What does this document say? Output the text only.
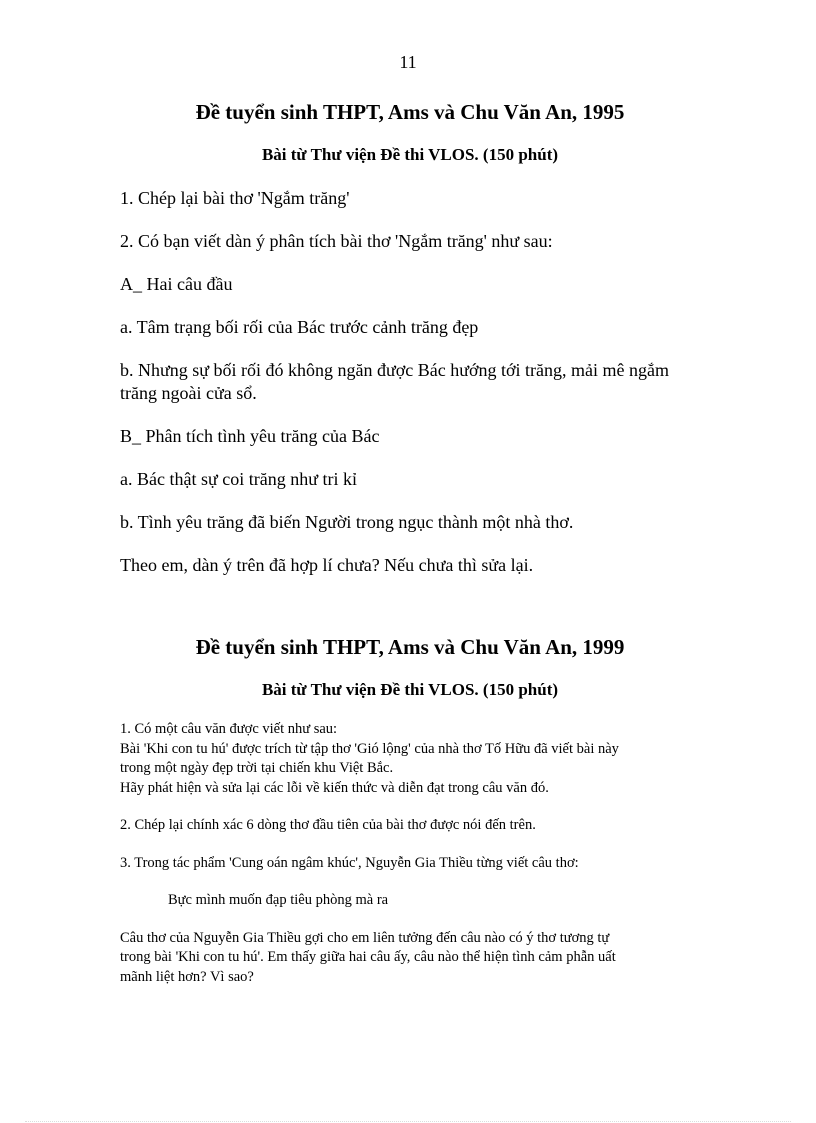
11
Đề tuyển sinh THPT, Ams và Chu Văn An, 1995
Bài từ Thư viện Đề thi VLOS. (150 phút)

1. Chép lại bài thơ 'Ngắm trăng'

2. Có bạn viết dàn ý phân tích bài thơ 'Ngắm trăng' như sau:

A_ Hai câu đầu

a. Tâm trạng bối rối của Bác trước cảnh trăng đẹp

b. Nhưng sự bối rối đó không ngăn được Bác hướng tới trăng, mải mê ngắm trăng ngoài cửa sổ.

B_ Phân tích tình yêu trăng của Bác

a. Bác thật sự coi trăng như tri kỉ

b. Tình yêu trăng đã biến Người trong ngục thành một nhà thơ.

Theo em, dàn ý trên đã hợp lí chưa? Nếu chưa thì sửa lại.

Đề tuyển sinh THPT, Ams và Chu Văn An, 1999
Bài từ Thư viện Đề thi VLOS. (150 phút)

1. Có một câu văn được viết như sau:
Bài 'Khi con tu hú' được trích từ tập thơ 'Gió lộng' của nhà thơ Tố Hữu đã viết bài này
trong một ngày đẹp trời tại chiến khu Việt Bắc.
Hãy phát hiện và sửa lại các lỗi về kiến thức và diễn đạt trong câu văn đó.

2. Chép lại chính xác 6 dòng thơ đầu tiên của bài thơ được nói đến trên.

3. Trong tác phẩm 'Cung oán ngâm khúc', Nguyễn Gia Thiều từng viết câu thơ:

Bực mình muốn đạp tiêu phòng mà ra

Câu thơ của Nguyễn Gia Thiều gợi cho em liên tưởng đến câu nào có ý thơ tương tự
trong bài 'Khi con tu hú'. Em thấy giữa hai câu ấy, câu nào thể hiện tình cảm phẫn uất
mãnh liệt hơn? Vì sao?
